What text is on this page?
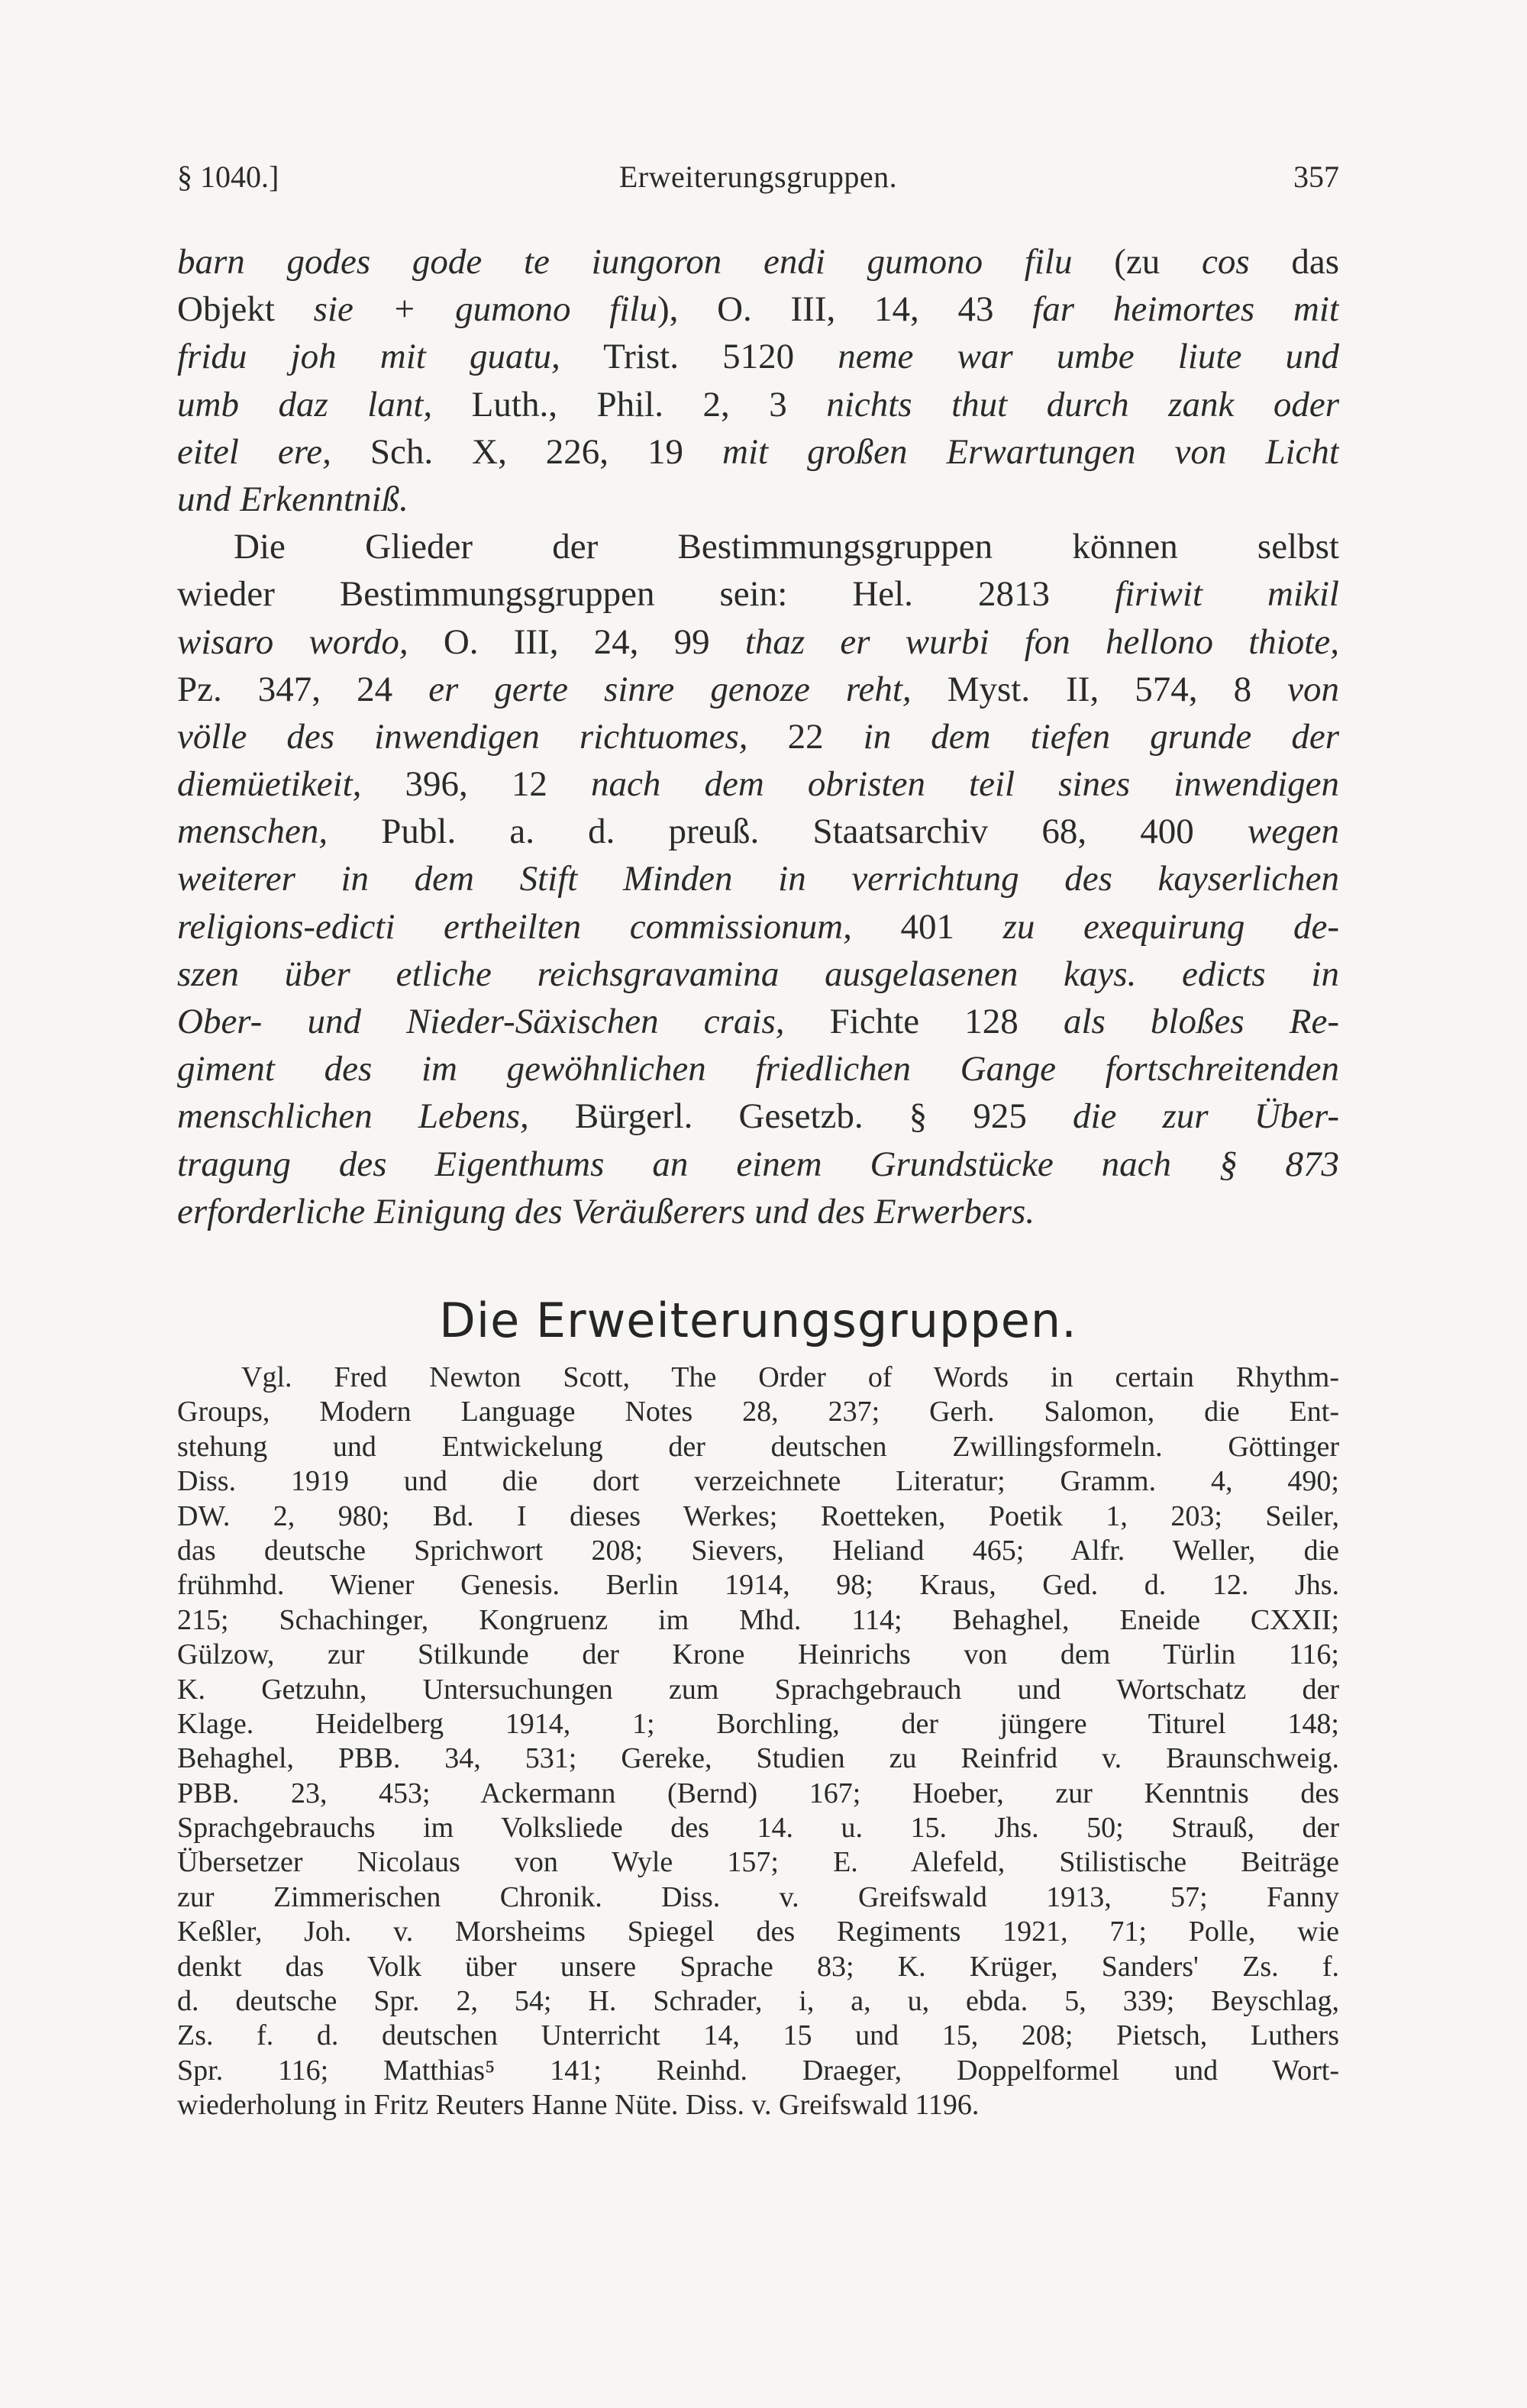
§ 1040.]	Erweiterungsgruppen.	357
barn godes gode te iungoron endi gumono filu (zu cos das
Objekt sie + gumono filu), O. III, 14, 43 far heimortes mit
fridu joh mit guatu, Trist. 5120 neme war umbe liute und
umb daz lant, Luth., Phil. 2, 3 nichts thut durch zank oder
eitel ere, Sch. X, 226, 19 mit großen Erwartungen von Licht
und Erkenntniß.
Die Glieder der Bestimmungsgruppen können selbst
wieder Bestimmungsgruppen sein: Hel. 2813 firiwit mikil
wisaro wordo, O. III, 24, 99 thaz er wurbi fon hellono thiote,
Pz. 347, 24 er gerte sinre genoze reht, Myst. II, 574, 8 von
völle des inwendigen richtuomes, 22 in dem tiefen grunde der
diemüetikeit, 396, 12 nach dem obristen teil sines inwendigen
menschen, Publ. a. d. preuß. Staatsarchiv 68, 400 wegen
weiterer in dem Stift Minden in verrichtung des kayserlichen
religions-edicti ertheilten commissionum, 401 zu exequirung de-
szen über etliche reichsgravamina ausgelasenen kays. edicts in
Ober- und Nieder-Säxischen crais, Fichte 128 als bloßes Re-
giment des im gewöhnlichen friedlichen Gange fortschreitenden
menschlichen Lebens, Bürgerl. Gesetzb. § 925 die zur Über-
tragung des Eigenthums an einem Grundstücke nach § 873
erforderliche Einigung des Veräußerers und des Erwerbers.
Die Erweiterungsgruppen.
Vgl. Fred Newton Scott, The Order of Words in certain Rhythm-
Groups, Modern Language Notes 28, 237; Gerh. Salomon, die Ent-
stehung und Entwickelung der deutschen Zwillingsformeln. Göttinger
Diss. 1919 und die dort verzeichnete Literatur; Gramm. 4, 490;
DW. 2, 980; Bd. I dieses Werkes; Roetteken, Poetik 1, 203; Seiler,
das deutsche Sprichwort 208; Sievers, Heliand 465; Alfr. Weller, die
frühmhd. Wiener Genesis. Berlin 1914, 98; Kraus, Ged. d. 12. Jhs.
215; Schachinger, Kongruenz im Mhd. 114; Behaghel, Eneide CXXII;
Gülzow, zur Stilkunde der Krone Heinrichs von dem Türlin 116;
K. Getzuhn, Untersuchungen zum Sprachgebrauch und Wortschatz der
Klage. Heidelberg 1914, 1; Borchling, der jüngere Titurel 148;
Behaghel, PBB. 34, 531; Gereke, Studien zu Reinfrid v. Braunschweig.
PBB. 23, 453; Ackermann (Bernd) 167; Hoeber, zur Kenntnis des
Sprachgebrauchs im Volksliede des 14. u. 15. Jhs. 50; Strauß, der
Übersetzer Nicolaus von Wyle 157; E. Alefeld, Stilistische Beiträge
zur Zimmerischen Chronik. Diss. v. Greifswald 1913, 57; Fanny
Keßler, Joh. v. Morsheims Spiegel des Regiments 1921, 71; Polle, wie
denkt das Volk über unsere Sprache 83; K. Krüger, Sanders' Zs. f.
d. deutsche Spr. 2, 54; H. Schrader, i, a, u, ebda. 5, 339; Beyschlag,
Zs. f. d. deutschen Unterricht 14, 15 und 15, 208; Pietsch, Luthers
Spr. 116; Matthias⁵ 141; Reinhd. Draeger, Doppelformel und Wort-
wiederholung in Fritz Reuters Hanne Nüte. Diss. v. Greifswald 1196.
